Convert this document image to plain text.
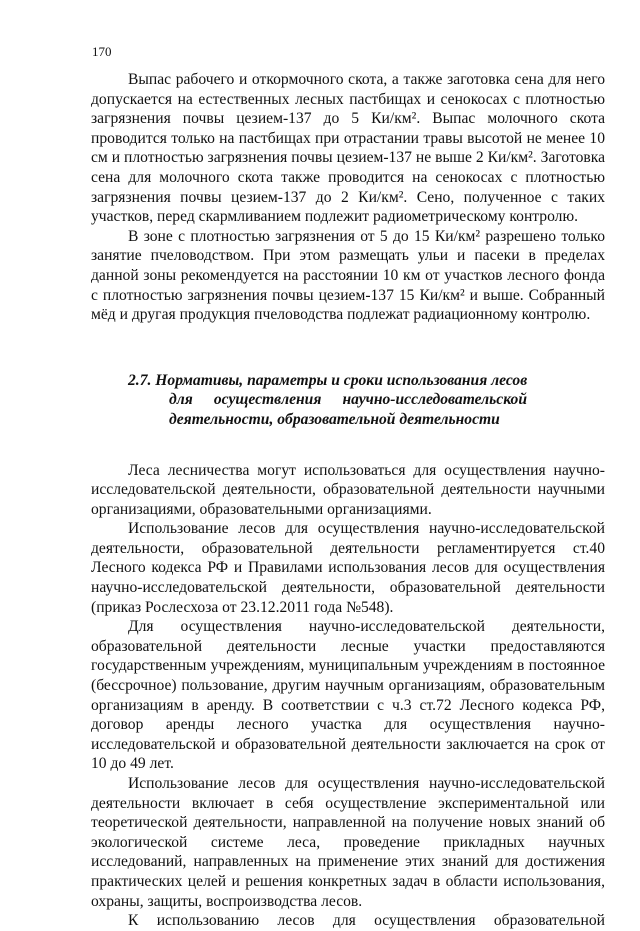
170

Выпас рабочего и откормочного скота, а также заготовка сена для него допускается на естественных лесных пастбищах и сенокосах с плотностью загрязнения почвы цезием-137 до 5 Ки/км². Выпас молочного скота проводится только на пастбищах при отрастании травы высотой не менее 10 см и плотностью загрязнения почвы цезием-137 не выше 2 Ки/км². Заготовка сена для молочного скота также проводится на сенокосах с плотностью загрязнения почвы цезием-137 до 2 Ки/км². Сено, полученное с таких участков, перед скармливанием подлежит радиометрическому контролю.

В зоне с плотностью загрязнения от 5 до 15 Ки/км² разрешено только занятие пчеловодством. При этом размещать ульи и пасеки в пределах данной зоны рекомендуется на расстоянии 10 км от участков лесного фонда с плотностью загрязнения почвы цезием-137 15 Ки/км² и выше. Собранный мёд и другая продукция пчеловодства подлежат радиационному контролю.

2.7. Нормативы, параметры и сроки использования лесов
для осуществления научно-исследовательской
деятельности, образовательной деятельности

Леса лесничества могут использоваться для осуществления научно-исследовательской деятельности, образовательной деятельности научными организациями, образовательными организациями.

Использование лесов для осуществления научно-исследовательской деятельности, образовательной деятельности регламентируется ст.40 Лесного кодекса РФ и Правилами использования лесов для осуществления научно-исследовательской деятельности, образовательной деятельности (приказ Рослесхоза от 23.12.2011 года №548).

Для осуществления научно-исследовательской деятельности, образовательной деятельности лесные участки предоставляются государственным учреждениям, муниципальным учреждениям в постоянное (бессрочное) пользование, другим научным организациям, образовательным организациям в аренду. В соответствии с ч.3 ст.72 Лесного кодекса РФ, договор аренды лесного участка для осуществления научно-исследовательской и образовательной деятельности заключается на срок от 10 до 49 лет.

Использование лесов для осуществления научно-исследовательской деятельности включает в себя осуществление экспериментальной или теоретической деятельности, направленной на получение новых знаний об экологической системе леса, проведение прикладных научных исследований, направленных на применение этих знаний для достижения практических целей и решения конкретных задач в области использования, охраны, защиты, воспроизводства лесов.

К использованию лесов для осуществления образовательной
